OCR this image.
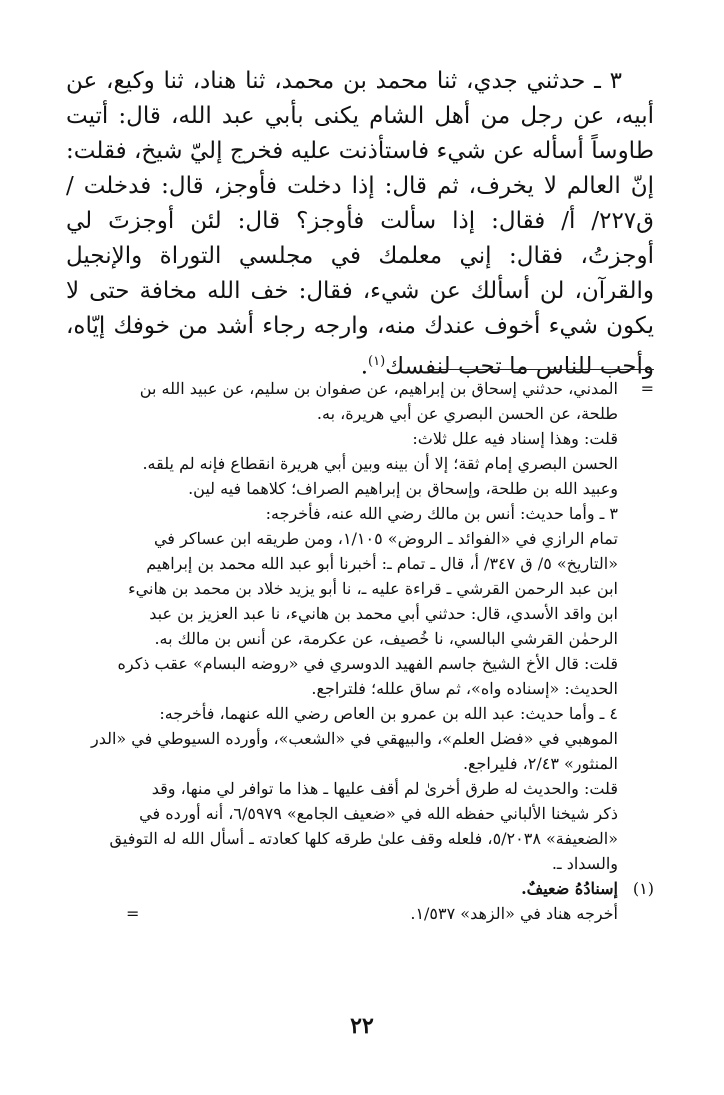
٣ ـ حدثني جدي، ثنا محمد بن محمد، ثنا هناد، ثنا وكيع، عن أبيه، عن رجل من أهل الشام يكنى بأبي عبد الله، قال: أتيت طاوساً أسأله عن شيء فاستأذنت عليه فخرج إليّ شيخ، فقلت: إنّ العالم لا يخرف، ثم قال: إذا دخلت فأوجز، قال: فدخلت /ق٢٢٧/ أ/ فقال: إذا سألت فأوجز؟ قال: لئن أوجزتَ لي أوجزتُ، فقال: إني معلمك في مجلسي التوراة والإنجيل والقرآن، لن أسألك عن شيء، فقال: خف الله مخافة حتى لا يكون شيء أخوف عندك منه، وارجه رجاء أشد من خوفك إيّاه، وأحب للناس ما تحب لنفسك$^{(١)}$.

=
المدني، حدثني إسحاق بن إبراهيم، عن صفوان بن سليم، عن عبيد الله بن
طلحة، عن الحسن البصري عن أبي هريرة، به.
قلت: وهذا إسناد فيه علل ثلاث:
الحسن البصري إمام ثقة؛ إلا أن بينه وبين أبي هريرة انقطاع فإنه لم يلقه.
وعبيد الله بن طلحة، وإسحاق بن إبراهيم الصراف؛ كلاهما فيه لين.
٣ ـ وأما حديث: أنس بن مالك رضي الله عنه، فأخرجه:
تمام الرازي في «الفوائد ـ الروض» ١/١٠٥، ومن طريقه ابن عساكر في
«التاريخ» ٥/ ق ٣٤٧/ أ، قال ـ تمام ـ: أخبرنا أبو عبد الله محمد بن إبراهيم
ابن عبد الرحمن القرشي ـ قراءة عليه ـ، نا أبو يزيد خلاد بن محمد بن هانيء
ابن واقد الأسدي، قال: حدثني أبي محمد بن هانيء، نا عبد العزيز بن عبد
الرحمٰن القرشي البالسي، نا خُصيف، عن عكرمة، عن أنس بن مالك به.
قلت: قال الأخ الشيخ جاسم الفهيد الدوسري في «روضه البسام» عقب ذكره
الحديث: «إسناده واه»، ثم ساق علله؛ فلتراجع.
٤ ـ وأما حديث: عبد الله بن عمرو بن العاص رضي الله عنهما، فأخرجه:
الموهبي في «فضل العلم»، والبيهقي في «الشعب»، وأورده السيوطي في «الدر
المنثور» ٢/٤٣، فليراجع.
قلت: والحديث له طرق أخرىٰ لم أقف عليها ـ هذا ما توافر لي منها، وقد
ذكر شيخنا الألباني حفظه الله في «ضعيف الجامع» ٦/٥٩٧٩، أنه أورده في
«الضعيفة» ٥/٢٠٣٨، فلعله وقف علىٰ طرقه كلها كعادته ـ أسأل الله له التوفيق
والسداد ـ.
(١)
إسنادُهُ ضعيفٌ.
أخرجه هناد في «الزهد» ١/٥٣٧.
=
٢٢
